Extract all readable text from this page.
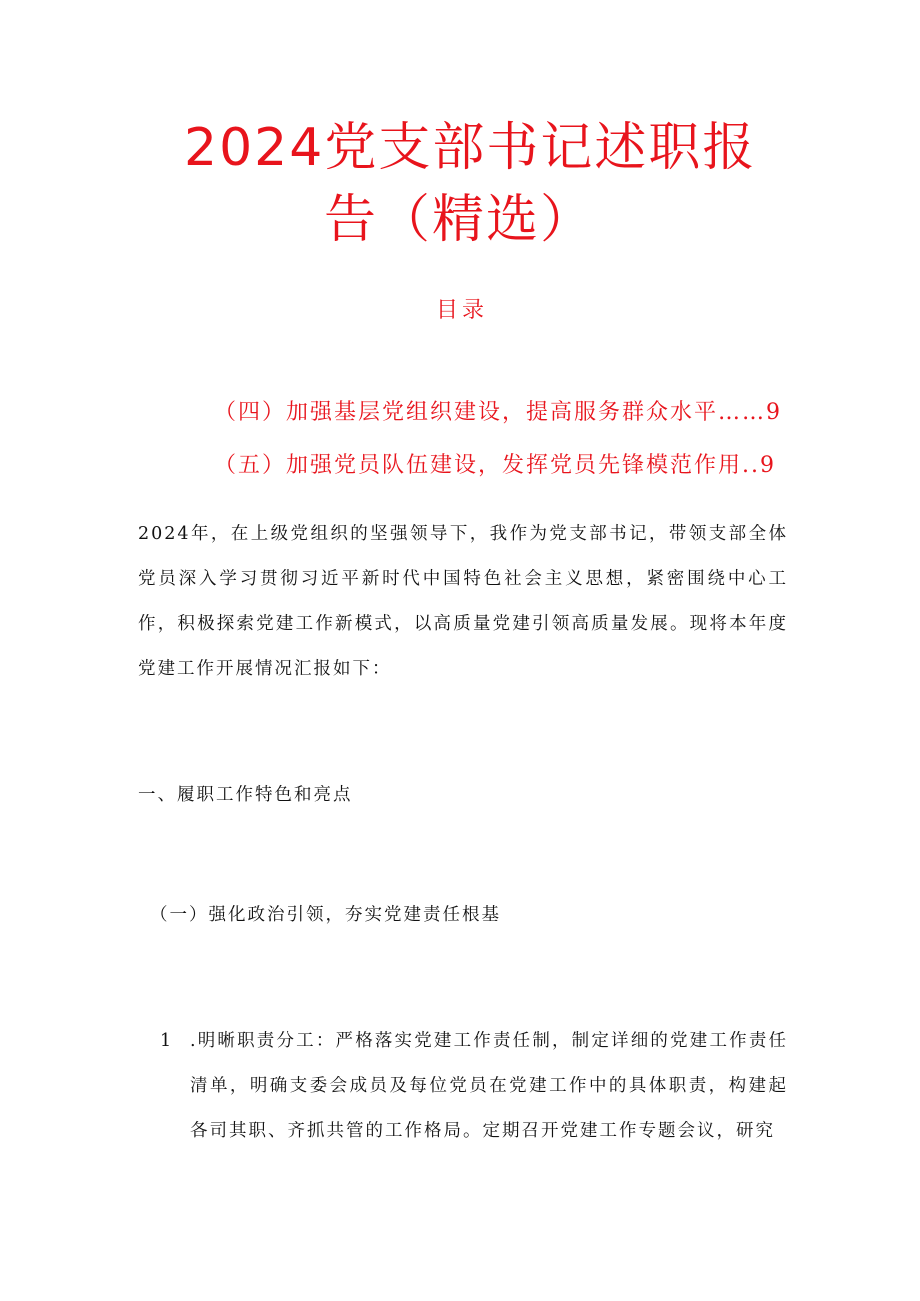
2024党支部书记述职报
告（精选）
目录
（四）加强基层党组织建设，提高服务群众水平……9
（五）加强党员队伍建设，发挥党员先锋模范作用..9

2024年，在上级党组织的坚强领导下，我作为党支部书记，带领支部全体党员深入学习贯彻习近平新时代中国特色社会主义思想，紧密围绕中心工作，积极探索党建工作新模式，以高质量党建引领高质量发展。现将本年度党建工作开展情况汇报如下：

一、履职工作特色和亮点
（一）强化政治引领，夯实党建责任根基
1 .明晰职责分工：严格落实党建工作责任制，制定详细的党建工作责任清单，明确支委会成员及每位党员在党建工作中的具体职责，构建起各司其职、齐抓共管的工作格局。定期召开党建工作专题会议，研究
